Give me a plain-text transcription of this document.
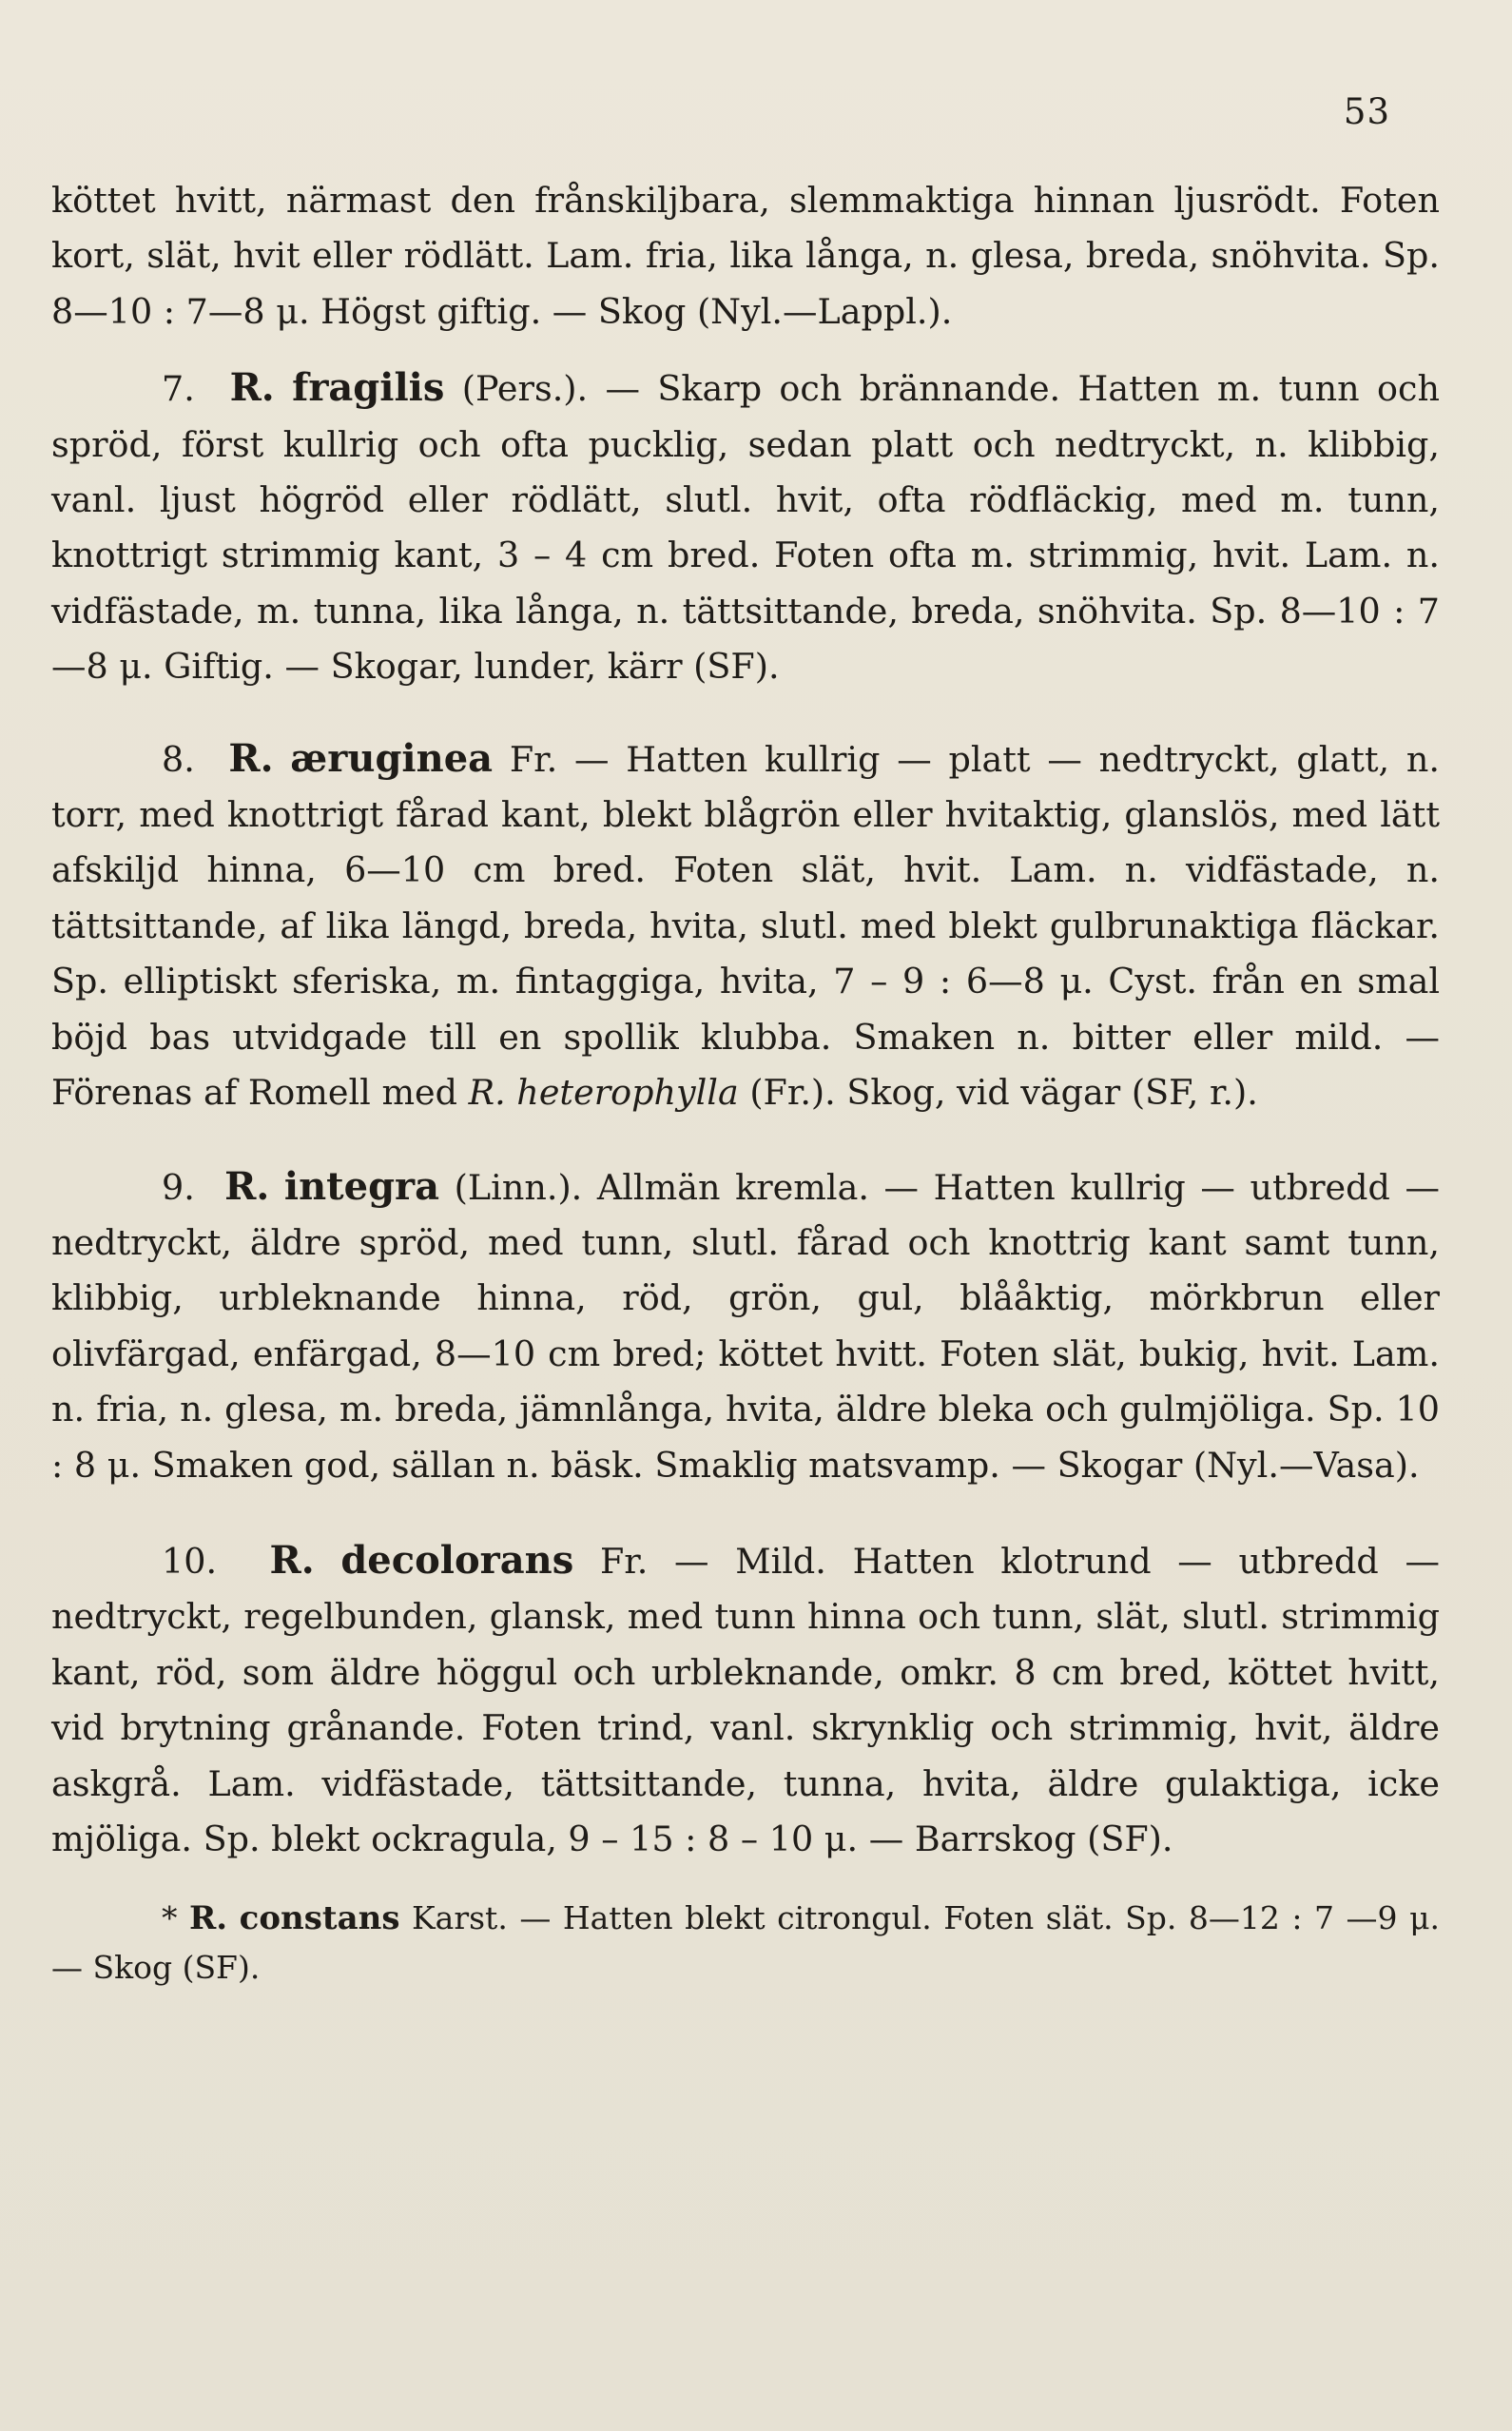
53

köttet hvitt, närmast den frånskiljbara, slemmaktiga hinnan ljusrödt. Foten kort, slät, hvit eller rödlätt. Lam. fria, lika långa, n. glesa, breda, snöhvita. Sp. 8—10 : 7—8 μ. Högst giftig. — Skog (Nyl.—Lappl.).

7. R. fragilis (Pers.). — Skarp och brännande. Hatten m. tunn och spröd, först kullrig och ofta pucklig, sedan platt och nedtryckt, n. klibbig, vanl. ljust högröd eller rödlätt, slutl. hvit, ofta rödfläckig, med m. tunn, knottrigt strimmig kant, 3 – 4 cm bred. Foten ofta m. strimmig, hvit. Lam. n. vidfästade, m. tunna, lika långa, n. tättsittande, breda, snöhvita. Sp. 8—10 : 7—8 μ. Giftig. — Skogar, lunder, kärr (SF).

8. R. æruginea Fr. — Hatten kullrig — platt — nedtryckt, glatt, n. torr, med knottrigt fårad kant, blekt blågrön eller hvitaktig, glanslös, med lätt afskiljd hinna, 6—10 cm bred. Foten slät, hvit. Lam. n. vidfästade, n. tättsittande, af lika längd, breda, hvita, slutl. med blekt gulbrunaktiga fläckar. Sp. elliptiskt sferiska, m. fintaggiga, hvita, 7 – 9 : 6—8 μ. Cyst. från en smal böjd bas utvidgade till en spollik klubba. Smaken n. bitter eller mild. — Förenas af Romell med R. heterophylla (Fr.). Skog, vid vägar (SF, r.).

9. R. integra (Linn.). Allmän kremla. — Hatten kullrig — utbredd — nedtryckt, äldre spröd, med tunn, slutl. fårad och knottrig kant samt tunn, klibbig, urbleknande hinna, röd, grön, gul, blååktig, mörkbrun eller olivfärgad, enfärgad, 8—10 cm bred; köttet hvitt. Foten slät, bukig, hvit. Lam. n. fria, n. glesa, m. breda, jämnlånga, hvita, äldre bleka och gulmjöliga. Sp. 10 : 8 μ. Smaken god, sällan n. bäsk. Smaklig matsvamp. — Skogar (Nyl.—Vasa).

10. R. decolorans Fr. — Mild. Hatten klotrund — utbredd — nedtryckt, regelbunden, glansk, med tunn hinna och tunn, slät, slutl. strimmig kant, röd, som äldre höggul och urbleknande, omkr. 8 cm bred, köttet hvitt, vid brytning grånande. Foten trind, vanl. skrynklig och strimmig, hvit, äldre askgrå. Lam. vidfästade, tättsittande, tunna, hvita, äldre gulaktiga, icke mjöliga. Sp. blekt ockragula, 9 – 15 : 8 – 10 μ. — Barrskog (SF).

* R. constans Karst. — Hatten blekt citrongul. Foten slät. Sp. 8—12 : 7 —9 μ. — Skog (SF).
